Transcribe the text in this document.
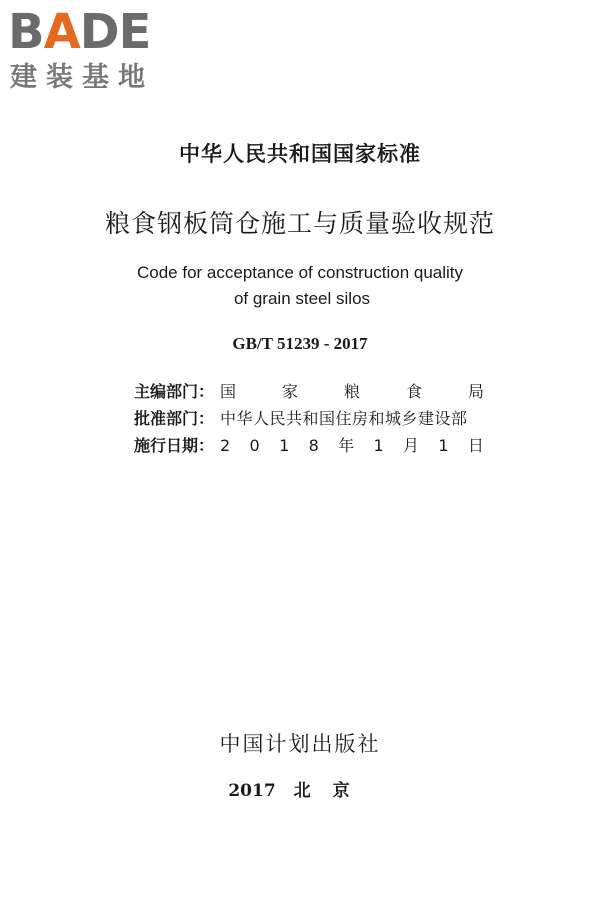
BADE
建装基地
中华人民共和国国家标准
粮食钢板筒仓施工与质量验收规范
Code for acceptance of construction quality
of grain steel silos
GB/T 51239 - 2017
主编部门： 国	家	粮	食	局
批准部门： 中华人民共和国住房和城乡建设部
施行日期： 2 0 1 8 年 1 月 1 日
中国计划出版社
2017 北京
